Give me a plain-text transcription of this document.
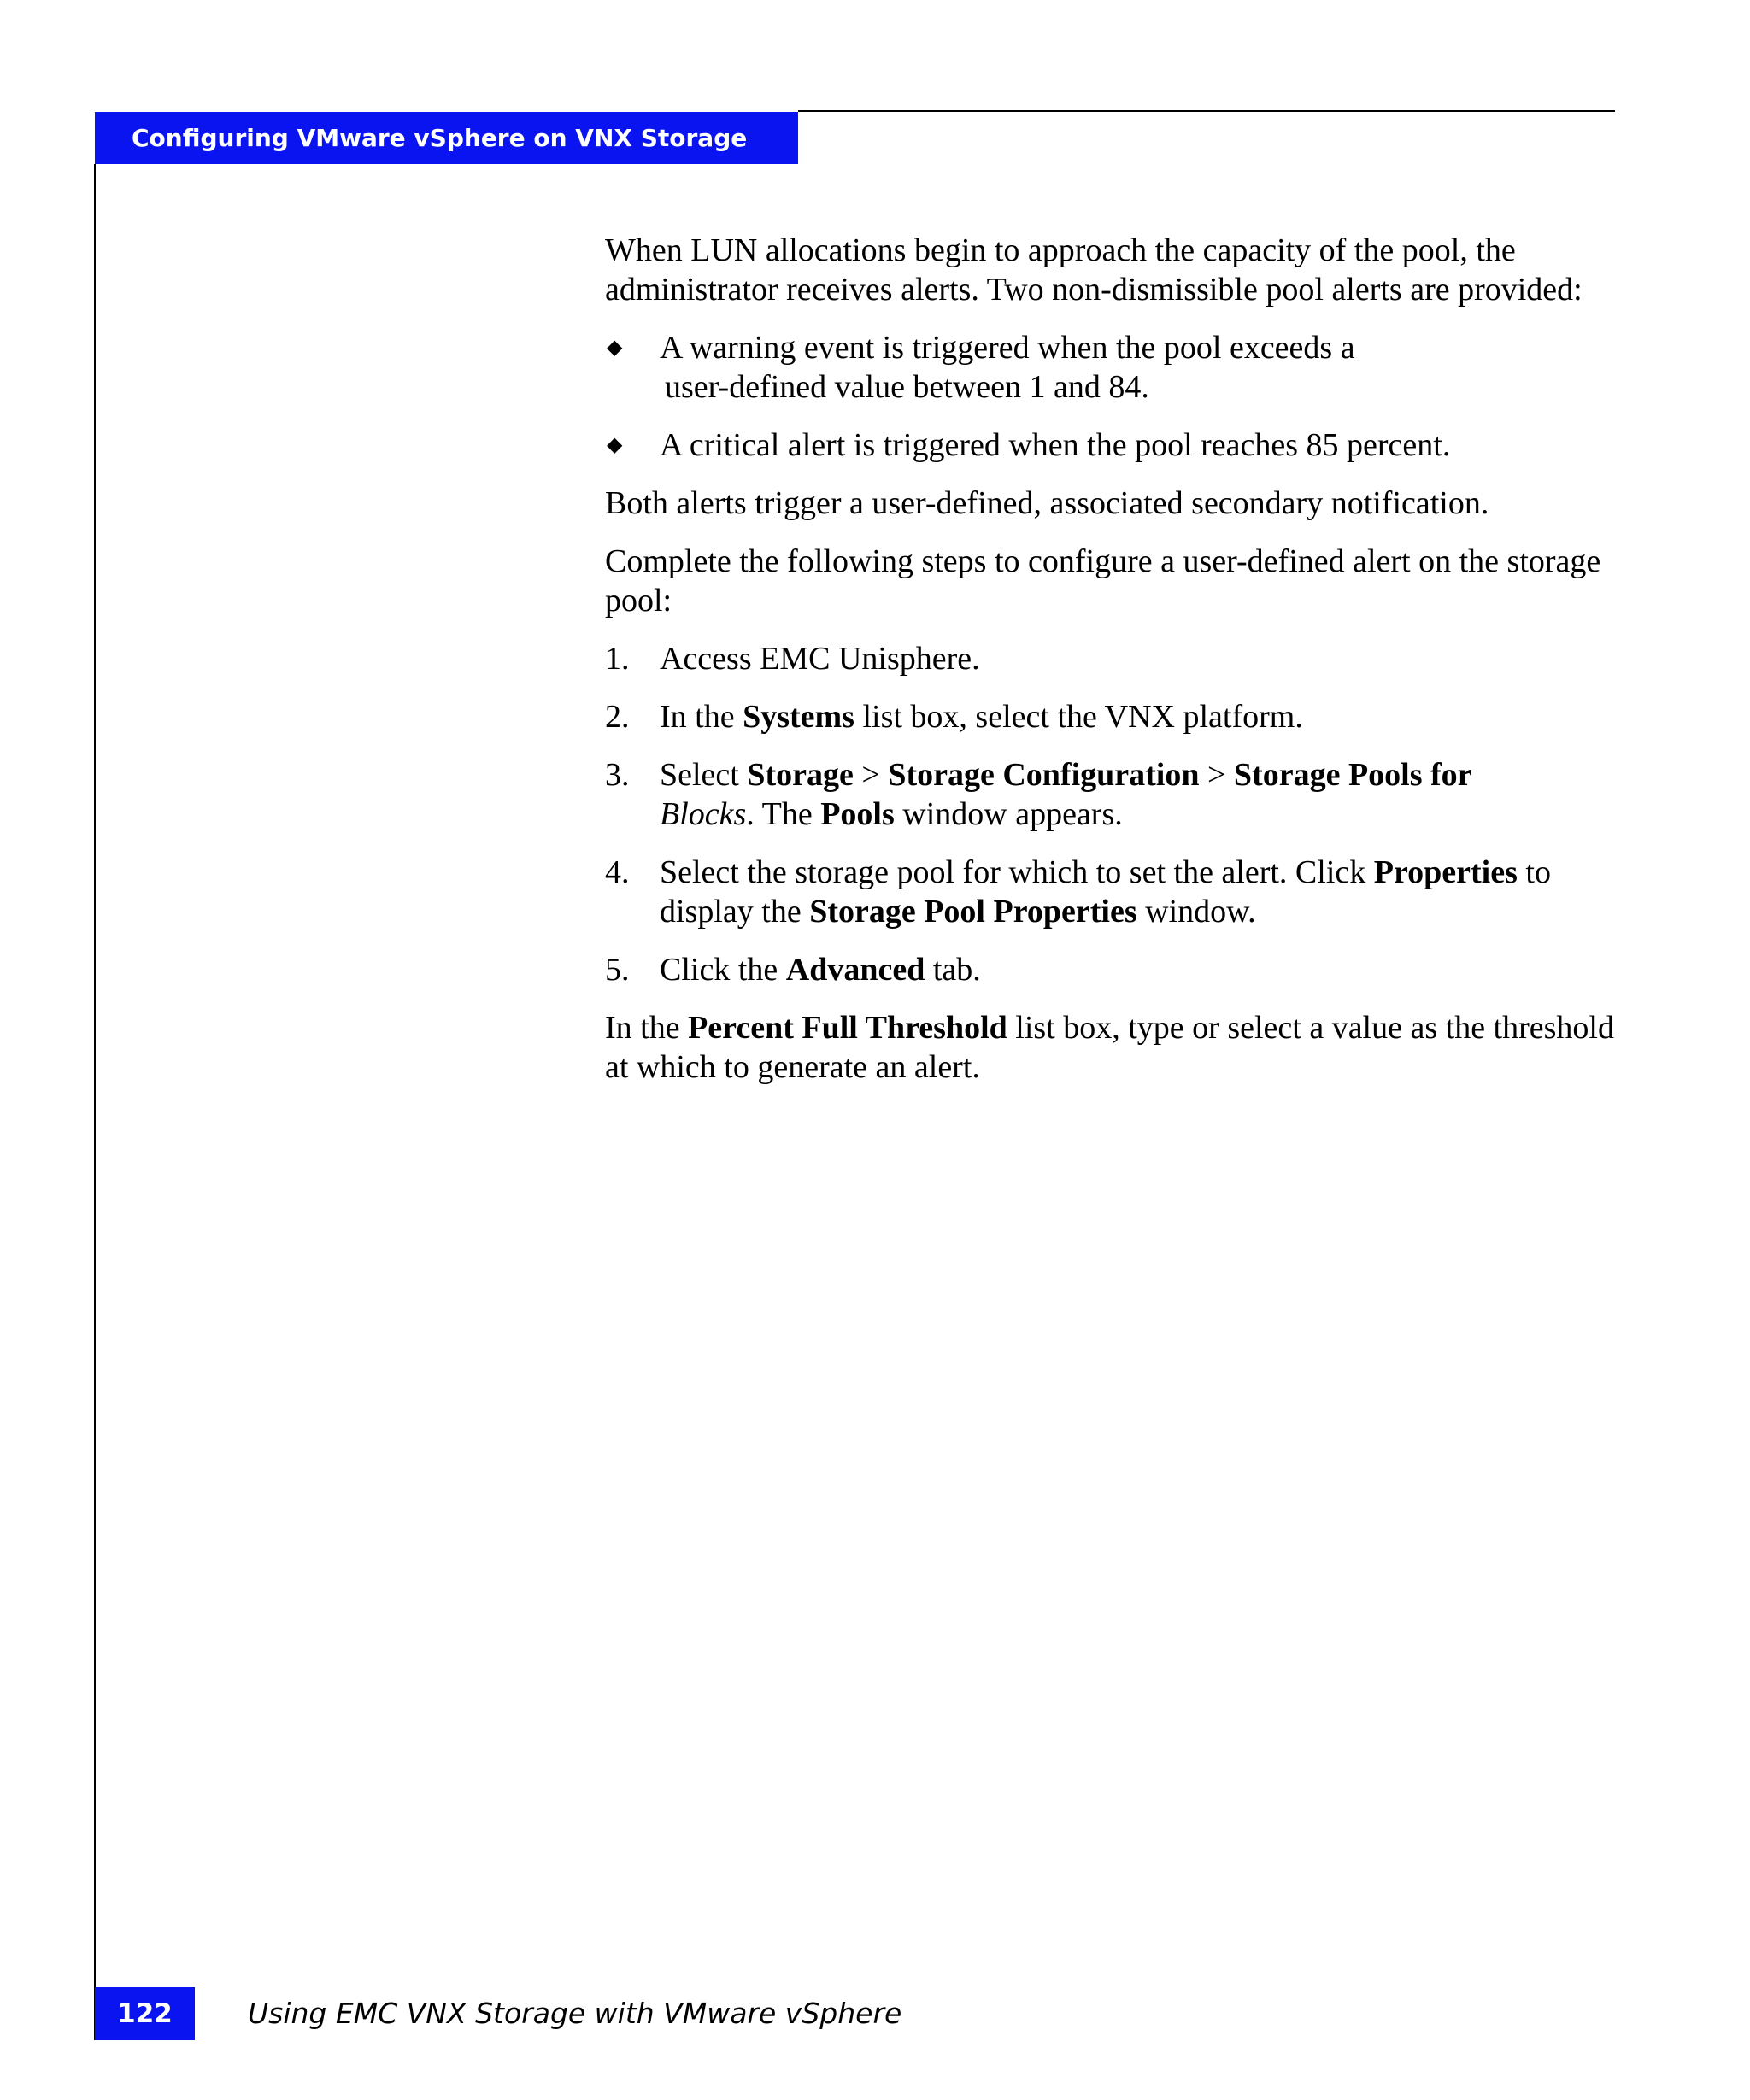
Configuring VMware vSphere on VNX Storage

When LUN allocations begin to approach the capacity of the pool, the administrator receives alerts. Two non-dismissible pool alerts are provided:

◆ A warning event is triggered when the pool exceeds a
user-defined value between 1 and 84.
◆ A critical alert is triggered when the pool reaches 85 percent.

Both alerts trigger a user-defined, associated secondary notification.

Complete the following steps to configure a user-defined alert on the storage pool:

1. Access EMC Unisphere.
2. In the Systems list box, select the VNX platform.
3. Select Storage > Storage Configuration > Storage Pools for
Blocks. The Pools window appears.
4. Select the storage pool for which to set the alert. Click Properties to display the Storage Pool Properties window.
5. Click the Advanced tab.

In the Percent Full Threshold list box, type or select a value as the threshold at which to generate an alert.

122	Using EMC VNX Storage with VMware vSphere
